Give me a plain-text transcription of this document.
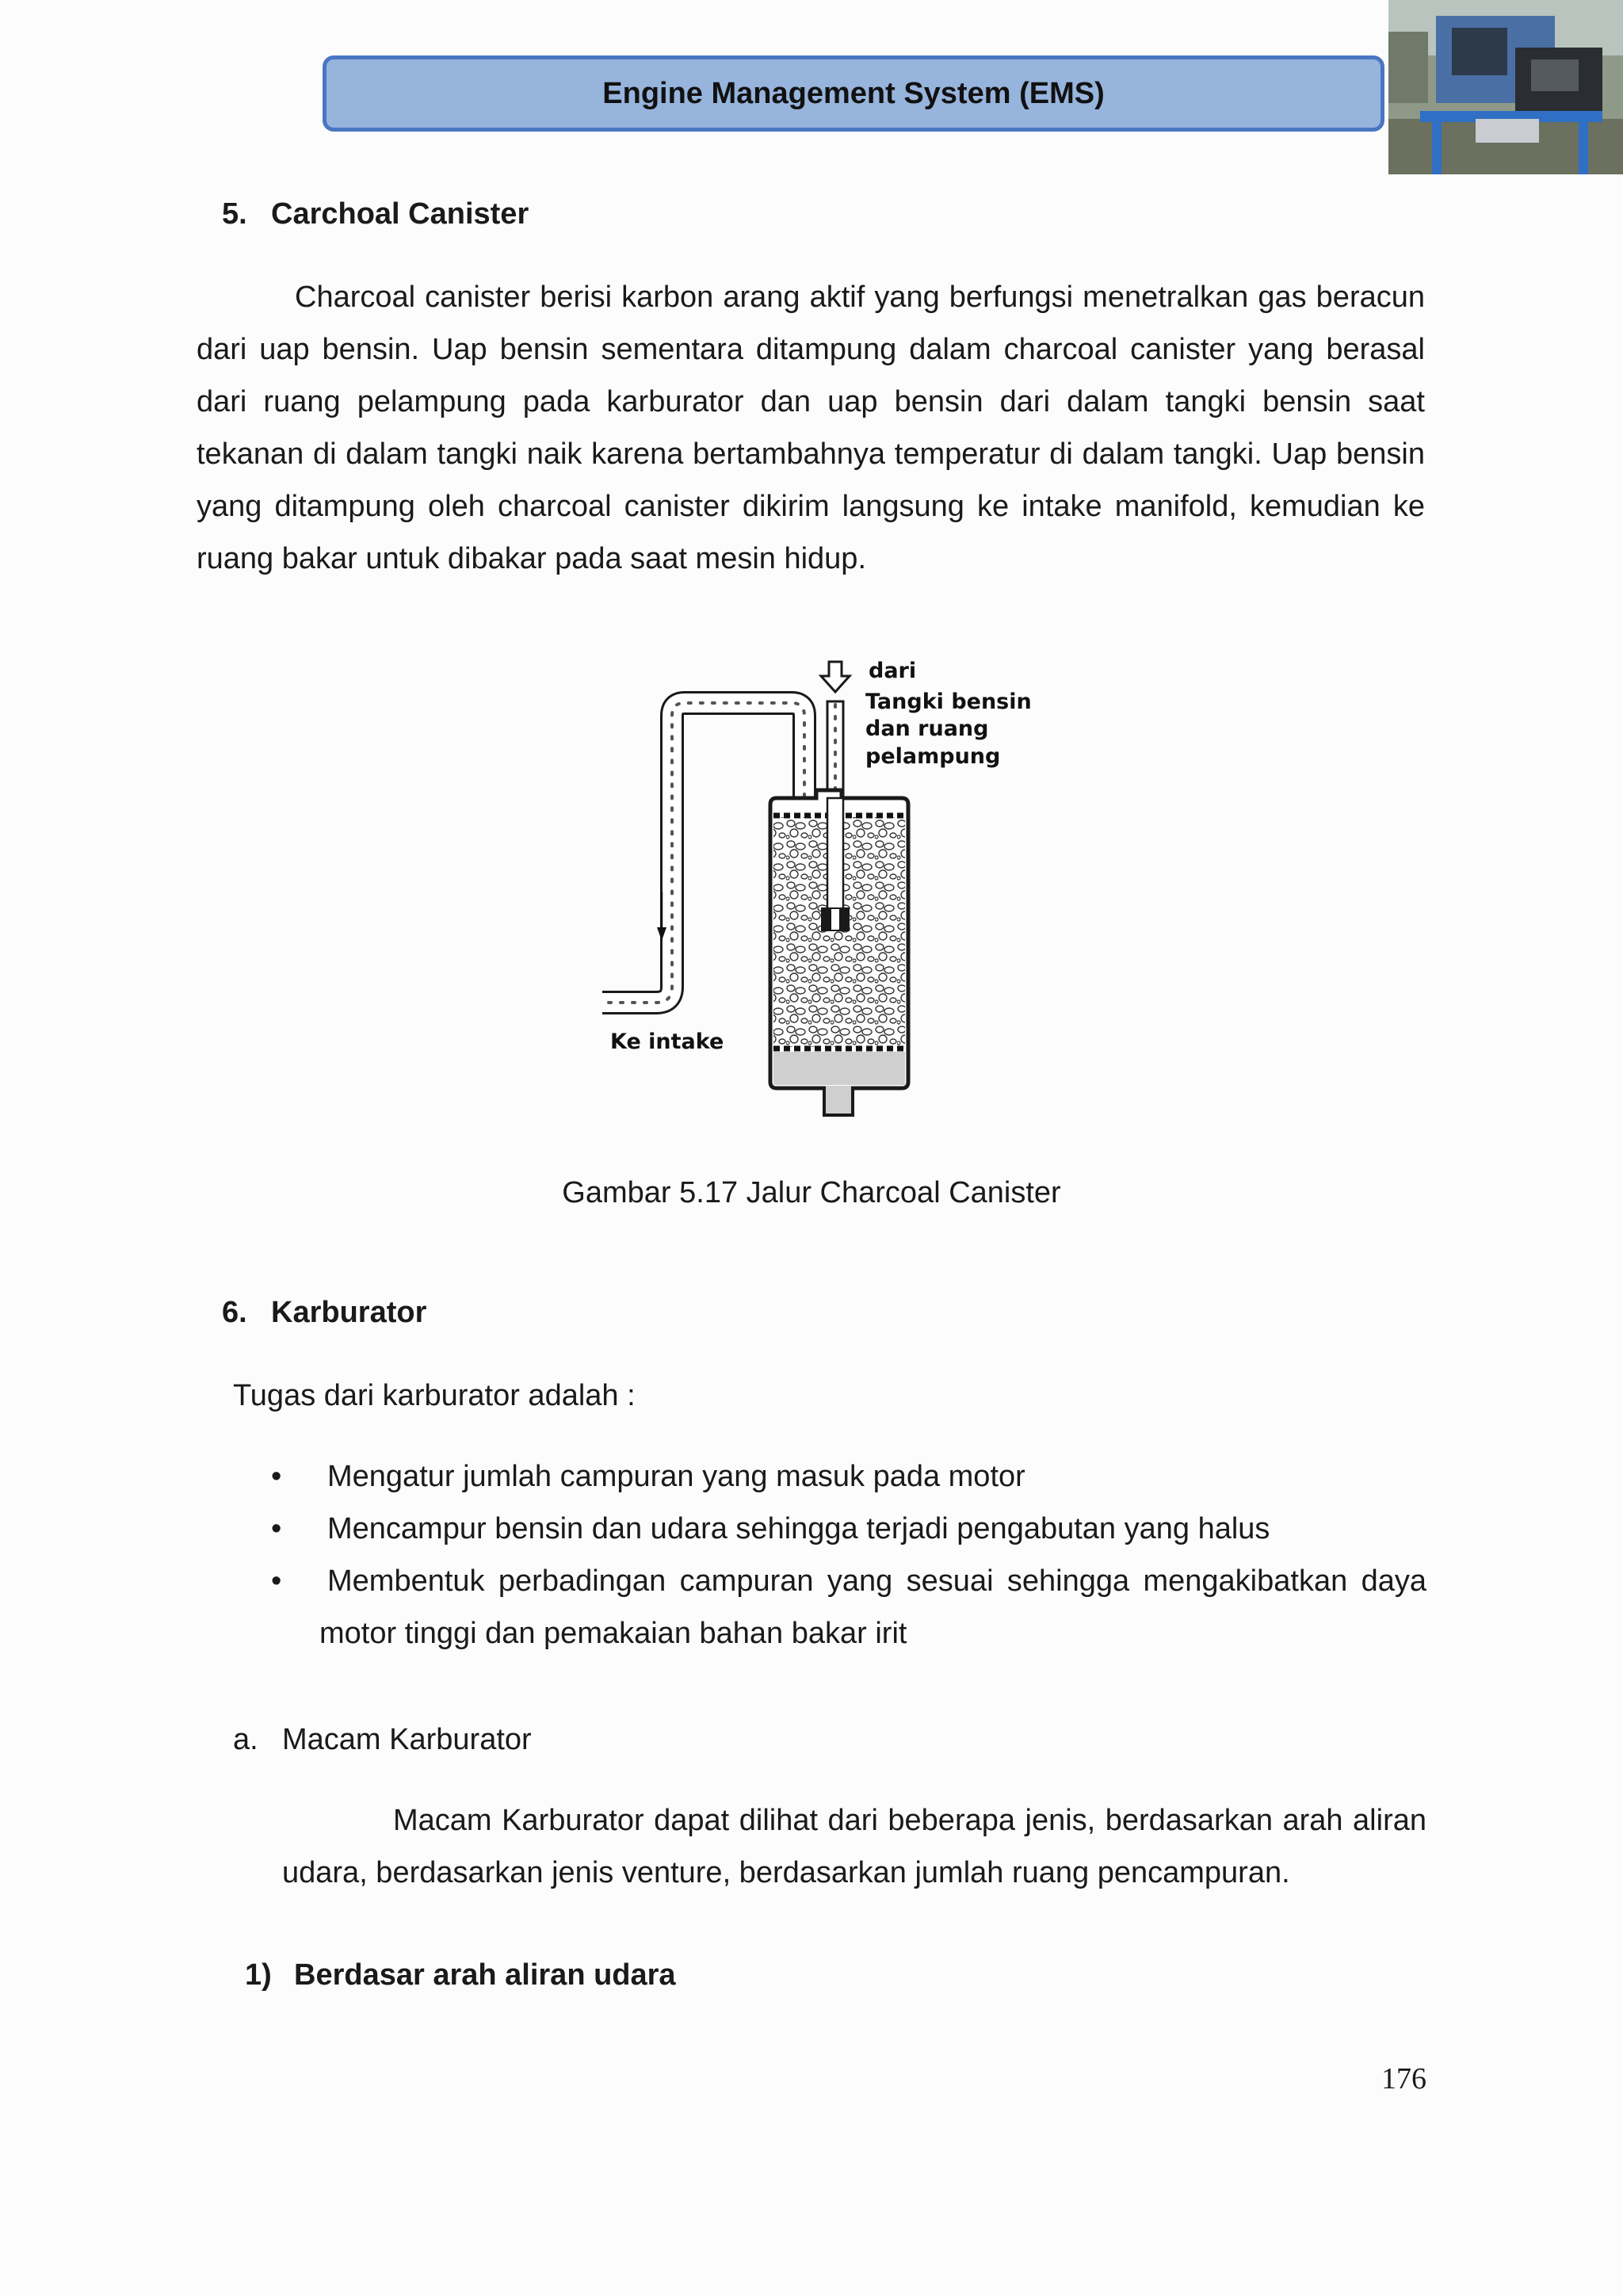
Engine Management System (EMS)
5. Carchoal Canister
Charcoal canister berisi karbon arang aktif yang berfungsi menetralkan gas beracun dari uap bensin. Uap bensin sementara ditampung dalam charcoal canister yang berasal dari ruang pelampung pada karburator dan uap bensin dari dalam tangki bensin saat tekanan di dalam tangki naik karena bertambahnya temperatur di dalam tangki. Uap bensin yang ditampung oleh charcoal canister dikirim langsung ke intake manifold, kemudian ke ruang bakar untuk dibakar pada saat mesin hidup.
dari
Tangki bensin
dan ruang
pelampung
Ke intake
Gambar 5.17 Jalur Charcoal Canister
6. Karburator
Tugas dari karburator adalah :
• Mengatur jumlah campuran yang masuk pada motor
• Mencampur bensin dan udara sehingga terjadi pengabutan yang halus
• Membentuk perbadingan campuran yang sesuai sehingga mengakibatkan daya motor tinggi dan pemakaian bahan bakar irit
a. Macam Karburator
Macam Karburator dapat dilihat dari beberapa jenis, berdasarkan arah aliran udara, berdasarkan jenis venture, berdasarkan jumlah ruang pencampuran.
1) Berdasar arah aliran udara
176
